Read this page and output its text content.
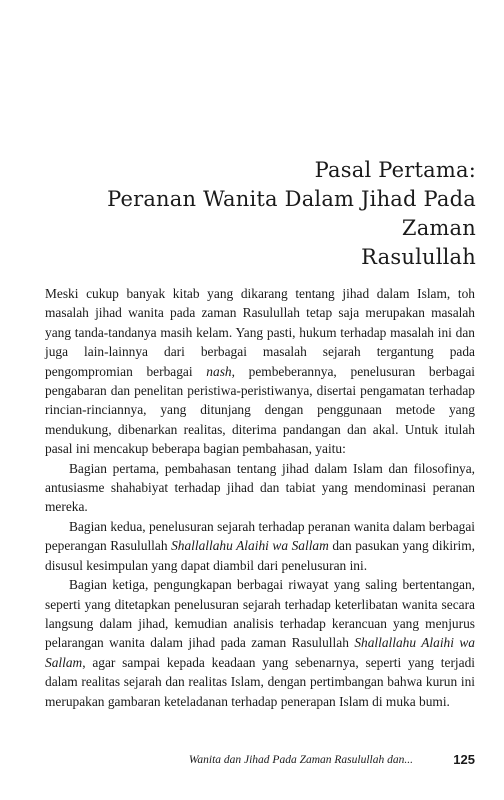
Pasal Pertama:
Peranan Wanita Dalam Jihad Pada Zaman
Rasulullah

Meski cukup banyak kitab yang dikarang tentang jihad dalam Islam, toh masalah jihad wanita pada zaman Rasulullah tetap saja merupakan masalah yang tanda-tandanya masih kelam. Yang pasti, hukum terhadap masalah ini dan juga lain-lainnya dari berbagai masalah sejarah tergantung pada pengompromian berbagai nash, pembeberannya, penelusuran berbagai pengabaran dan penelitan peristiwa-peristiwanya, disertai pengamatan terhadap rincian-rinciannya, yang ditunjang dengan penggunaan metode yang mendukung, dibenarkan realitas, diterima pandangan dan akal. Untuk itulah pasal ini mencakup beberapa bagian pembahasan, yaitu:

Bagian pertama, pembahasan tentang jihad dalam Islam dan filosofinya, antusiasme shahabiyat terhadap jihad dan tabiat yang mendominasi peranan mereka.

Bagian kedua, penelusuran sejarah terhadap peranan wanita dalam berbagai peperangan Rasulullah Shallallahu Alaihi wa Sallam dan pasukan yang dikirim, disusul kesimpulan yang dapat diambil dari penelusuran ini.

Bagian ketiga, pengungkapan berbagai riwayat yang saling bertentangan, seperti yang ditetapkan penelusuran sejarah terhadap keterlibatan wanita secara langsung dalam jihad, kemudian analisis terhadap kerancuan yang menjurus pelarangan wanita dalam jihad pada zaman Rasulullah Shallallahu Alaihi wa Sallam, agar sampai kepada keadaan yang sebenarnya, seperti yang terjadi dalam realitas sejarah dan realitas Islam, dengan pertimbangan bahwa kurun ini merupakan gambaran keteladanan terhadap penerapan Islam di muka bumi.

Wanita dan Jihad Pada Zaman Rasulullah dan...	125
